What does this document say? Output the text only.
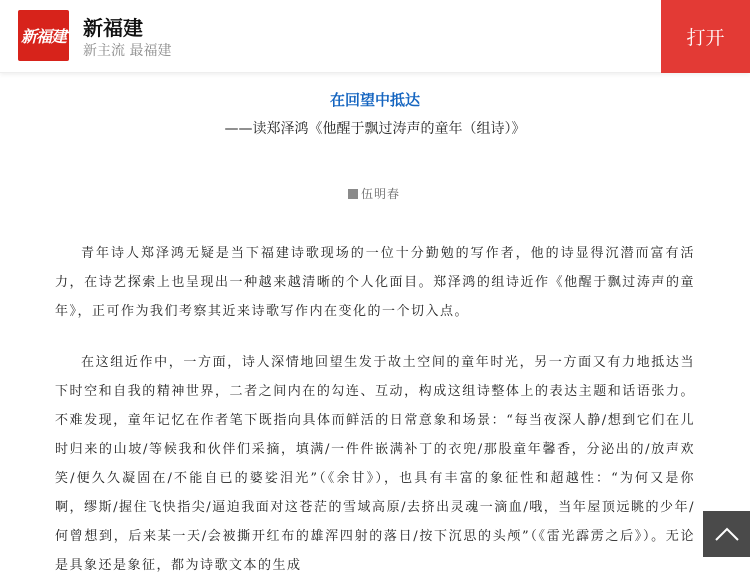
新福建 新福建
新主流 最福建
打开
在回望中抵达
——读郑泽鸿《他醒于飘过涛声的童年（组诗）》
伍明春

青年诗人郑泽鸿无疑是当下福建诗歌现场的一位十分勤勉的写作者，他的诗显得沉潜而富有活力，在诗艺探索上也呈现出一种越来越清晰的个人化面目。郑泽鸿的组诗近作《他醒于飘过涛声的童年》，正可作为我们考察其近来诗歌写作内在变化的一个切入点。

在这组近作中，一方面，诗人深情地回望生发于故土空间的童年时光，另一方面又有力地抵达当下时空和自我的精神世界，二者之间内在的勾连、互动，构成这组诗整体上的表达主题和话语张力。不难发现，童年记忆在作者笔下既指向具体而鲜活的日常意象和场景：“每当夜深人静/想到它们在儿时归来的山坡/等候我和伙伴们采摘，填满/一件件嵌满补丁的衣兜/那股童年馨香，分泌出的/放声欢笑/便久久凝固在/不能自已的婆娑泪光”（《余甘》），也具有丰富的象征性和超越性：“为何又是你啊，缪斯/握住飞快指尖/逼迫我面对这苍茫的雪域高原/去挤出灵魂一滴血/哦，当年屋顶远眺的少年/何曾想到，后来某一天/会被撕开红布的雄浑四射的落日/按下沉思的头颅”（《雷光霹雳之后》）。无论是具象还是象征，都为诗歌文本的生成
